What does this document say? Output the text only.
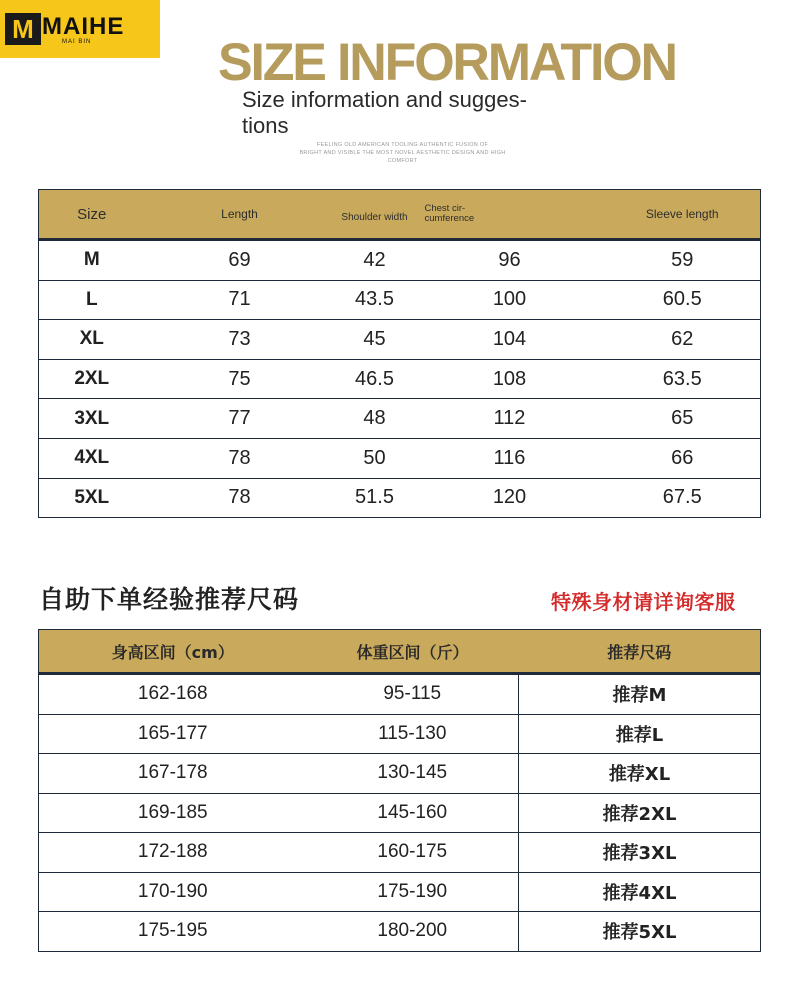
M MAIHE
MAI BIN SIZE INFORMATION
Size information and sugges-
tions
FEELING OLD AMERICAN TOOLING AUTHENTIC FUSION OF
BRIGHT AND VISIBLE THE MOST NOVEL AESTHETIC DESIGN AND HIGH COMFORT
Size	Length	Shoulder width	Chest cir-
cumference	Sleeve length
M	69	42	96	59
L	71	43.5	100	60.5
XL	73	45	104	62
2XL	75	46.5	108	63.5
3XL	77	48	112	65
4XL	78	50	116	66
5XL	78	51.5	120	67.5
自助下单经验推荐尺码	特殊身材请详询客服
身高区间（cm）	体重区间（斤）	推荐尺码
162-168	95-115	推荐M
165-177	115-130	推荐L
167-178	130-145	推荐XL
169-185	145-160	推荐2XL
172-188	160-175	推荐3XL
170-190	175-190	推荐4XL
175-195	180-200	推荐5XL
